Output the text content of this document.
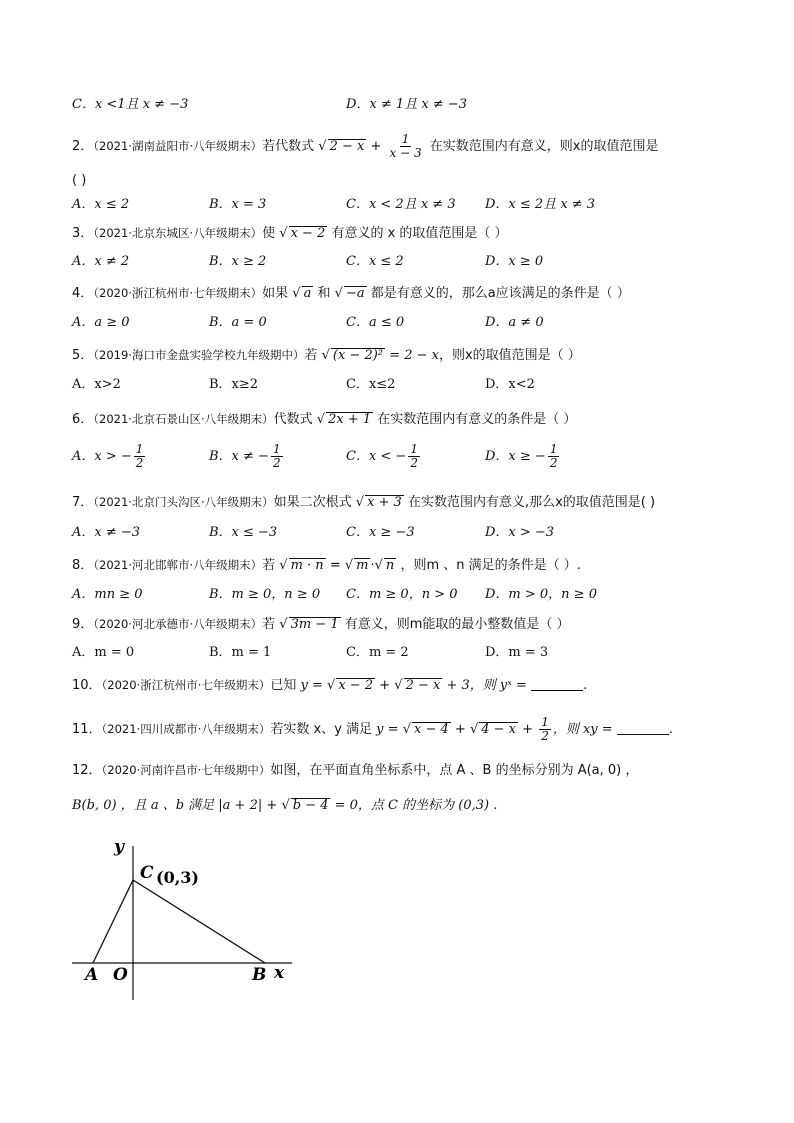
C．x <1且 x ≠ −3	D．x ≠ 1且 x ≠ −3
2．（2021·湖南益阳市·八年级期末）若代数式 √ $2 - x + \frac{1}{x - 3}$ 在实数范围内有意义，则x的取值范围是
( )
A．x ≤ 2	B．x = 3	C．x < 2且 x ≠ 3 D．x ≤ 2且 x ≠ 3
3．（2021·北京东城区·八年级期末）使 √ x − 2 有意义的 x 的取值范围是（ ）
A．x ≠ 2	B．x ≥ 2	C．x ≤ 2	D．x ≥ 0
4．（2020·浙江杭州市·七年级期末）如果 √ a 和 √ −a 都是有意义的，那么a应该满足的条件是（ ）
A．a ≥ 0	B．a = 0	C．a ≤ 0	D．a ≠ 0
5．（2019·海口市金盘实验学校九年级期中）若 √ (x − 2)² = 2 − x，则x的取值范围是（ ）
A．x>2	B．x≥2	C．x≤2	D．x<2
6．（2021·北京石景山区·八年级期末）代数式 √ 2x + 1 在实数范围内有意义的条件是（ ）
A．x > − $\frac{1}{2}$	B．x ≠ − $\frac{1}{2}$	C．x < − $\frac{1}{2}$	D．x ≥ − $\frac{1}{2}$
7．（2021·北京门头沟区·八年级期末）如果二次根式 √ x + 3 在实数范围内有意义,那么x的取值范围是( )
A．x ≠ −3	B．x ≤ −3	C．x ≥ −3	D．x > −3
8．（2021·河北邯郸市·八年级期末）若 √ m · n = √ m ·√ n ，则m 、n 满足的条件是（ ）.
A．mn ≥ 0	B．m ≥ 0，n ≥ 0 C．m ≥ 0，n > 0 D．m > 0，n ≥ 0
9．（2020·河北承德市·八年级期末）若 √ 3m − 1 有意义，则m能取的最小整数值是（ ）
A．m = 0	B．m = 1	C．m = 2	D．m = 3
10．（2020·浙江杭州市·七年级期末）已知 y = √ x − 2 + √ 2 − x + 3，则 yˣ =	.
11．（2021·四川成都市·八年级期末）若实数 x、y 满足 y = √ x − 4 + √ $4 - x + \frac{1}{2}$ ，则 xy =	.
12．（2020·河南许昌市·七年级期中）如图，在平面直角坐标系中，点 A 、B 的坐标分别为 A(a, 0) ，
B(b, 0) ，且 a 、b 满足 |a + 2| + √ b − 4 = 0，点 C 的坐标为 (0,3) .
y
x
C (0,3)
A O	B
